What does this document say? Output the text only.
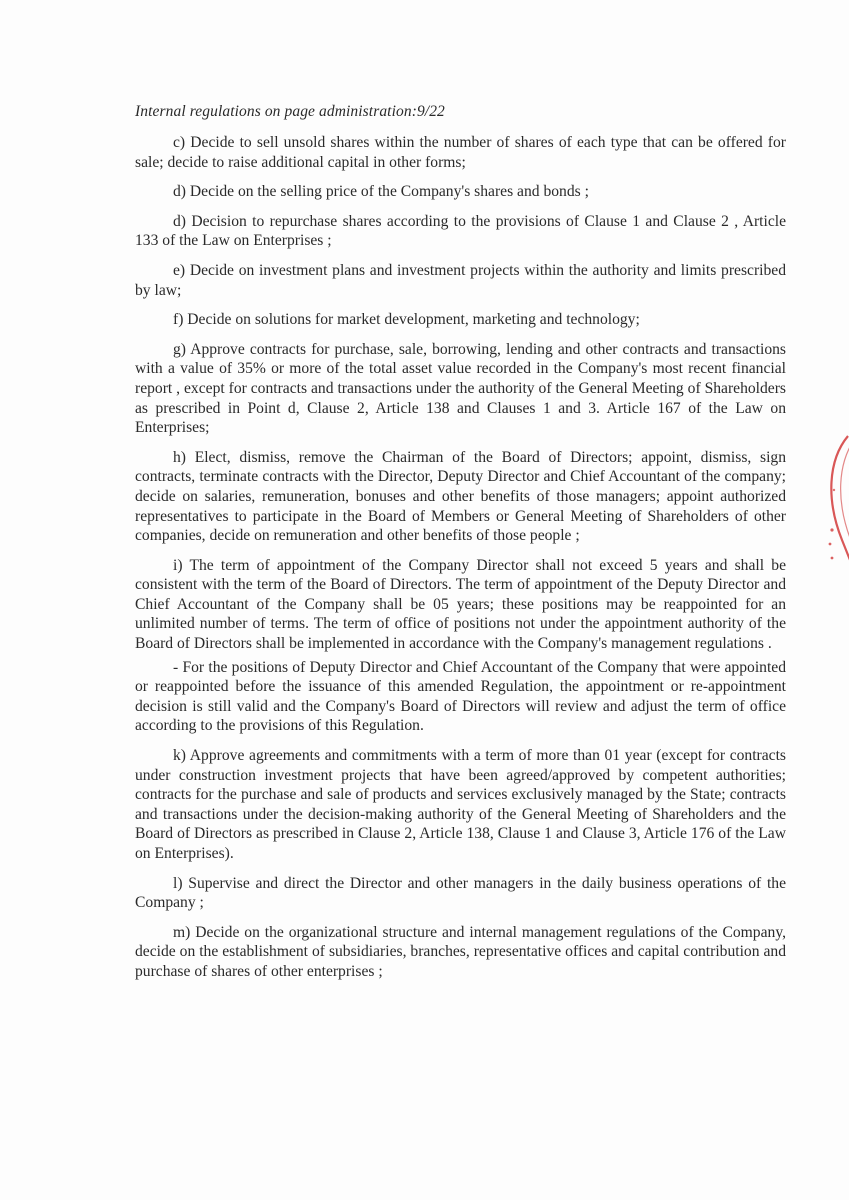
Internal regulations on page administration:9/22

c) Decide to sell unsold shares within the number of shares of each type that can be offered for sale; decide to raise additional capital in other forms;

d) Decide on the selling price of the Company's shares and bonds ;

d) Decision to repurchase shares according to the provisions of Clause 1 and Clause 2 , Article 133 of the Law on Enterprises ;

e) Decide on investment plans and investment projects within the authority and limits prescribed by law;

f) Decide on solutions for market development, marketing and technology;

g) Approve contracts for purchase, sale, borrowing, lending and other contracts and transactions with a value of 35% or more of the total asset value recorded in the Company's most recent financial report , except for contracts and transactions under the authority of the General Meeting of Shareholders as prescribed in Point d, Clause 2, Article 138 and Clauses 1 and 3. Article 167 of the Law on Enterprises;

h) Elect, dismiss, remove the Chairman of the Board of Directors; appoint, dismiss, sign contracts, terminate contracts with the Director, Deputy Director and Chief Accountant of the company; decide on salaries, remuneration, bonuses and other benefits of those managers; appoint authorized representatives to participate in the Board of Members or General Meeting of Shareholders of other companies, decide on remuneration and other benefits of those people ;

i) The term of appointment of the Company Director shall not exceed 5 years and shall be consistent with the term of the Board of Directors. The term of appointment of the Deputy Director and Chief Accountant of the Company shall be 05 years; these positions may be reappointed for an unlimited number of terms. The term of office of positions not under the appointment authority of the Board of Directors shall be implemented in accordance with the Company's management regulations .

- For the positions of Deputy Director and Chief Accountant of the Company that were appointed or reappointed before the issuance of this amended Regulation, the appointment or re-appointment decision is still valid and the Company's Board of Directors will review and adjust the term of office according to the provisions of this Regulation.

k) Approve agreements and commitments with a term of more than 01 year (except for contracts under construction investment projects that have been agreed/approved by competent authorities; contracts for the purchase and sale of products and services exclusively managed by the State; contracts and transactions under the decision-making authority of the General Meeting of Shareholders and the Board of Directors as prescribed in Clause 2, Article 138, Clause 1 and Clause 3, Article 176 of the Law on Enterprises).

l) Supervise and direct the Director and other managers in the daily business operations of the Company ;

m) Decide on the organizational structure and internal management regulations of the Company, decide on the establishment of subsidiaries, branches, representative offices and capital contribution and purchase of shares of other enterprises ;
